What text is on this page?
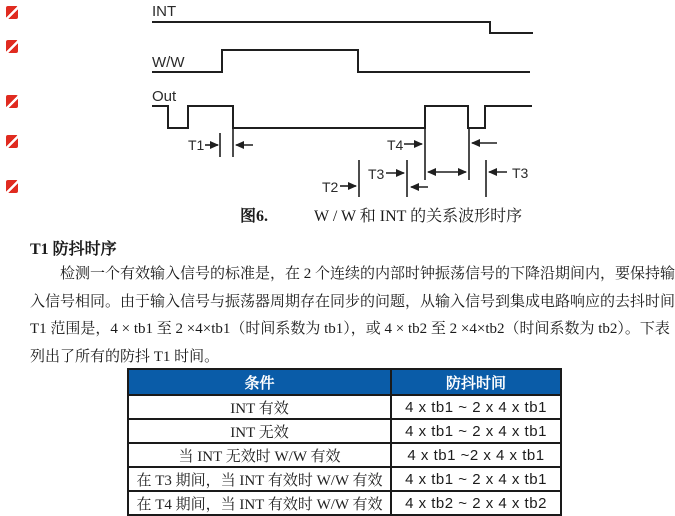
INT
W/W
Out
T1	T4
T3
T2
T3
图6.	W / W 和 INT 的关系波形时序
T1 防抖时序
检测一个有效输入信号的标准是，在 2 个连续的内部时钟振荡信号的下降沿期间内，要保持输
入信号相同。由于输入信号与振荡器周期存在同步的问题，从输入信号到集成电路响应的去抖时间
T1 范围是，4 × tb1 至 2 ×4×tb1（时间系数为 tb1），或 4 × tb2 至 2 ×4×tb2（时间系数为 tb2）。下表
列出了所有的防抖 T1 时间。
条件	防抖时间
INT 有效	4 x tb1 ~ 2 x 4 x tb1
INT 无效	4 x tb1 ~ 2 x 4 x tb1
当 INT 无效时 W/W 有效	4 x tb1 ~2 x 4 x tb1
在 T3 期间，当 INT 有效时 W/W 有效	4 x tb1 ~ 2 x 4 x tb1
在 T4 期间，当 INT 有效时 W/W 有效	4 x tb2 ~ 2 x 4 x tb2
